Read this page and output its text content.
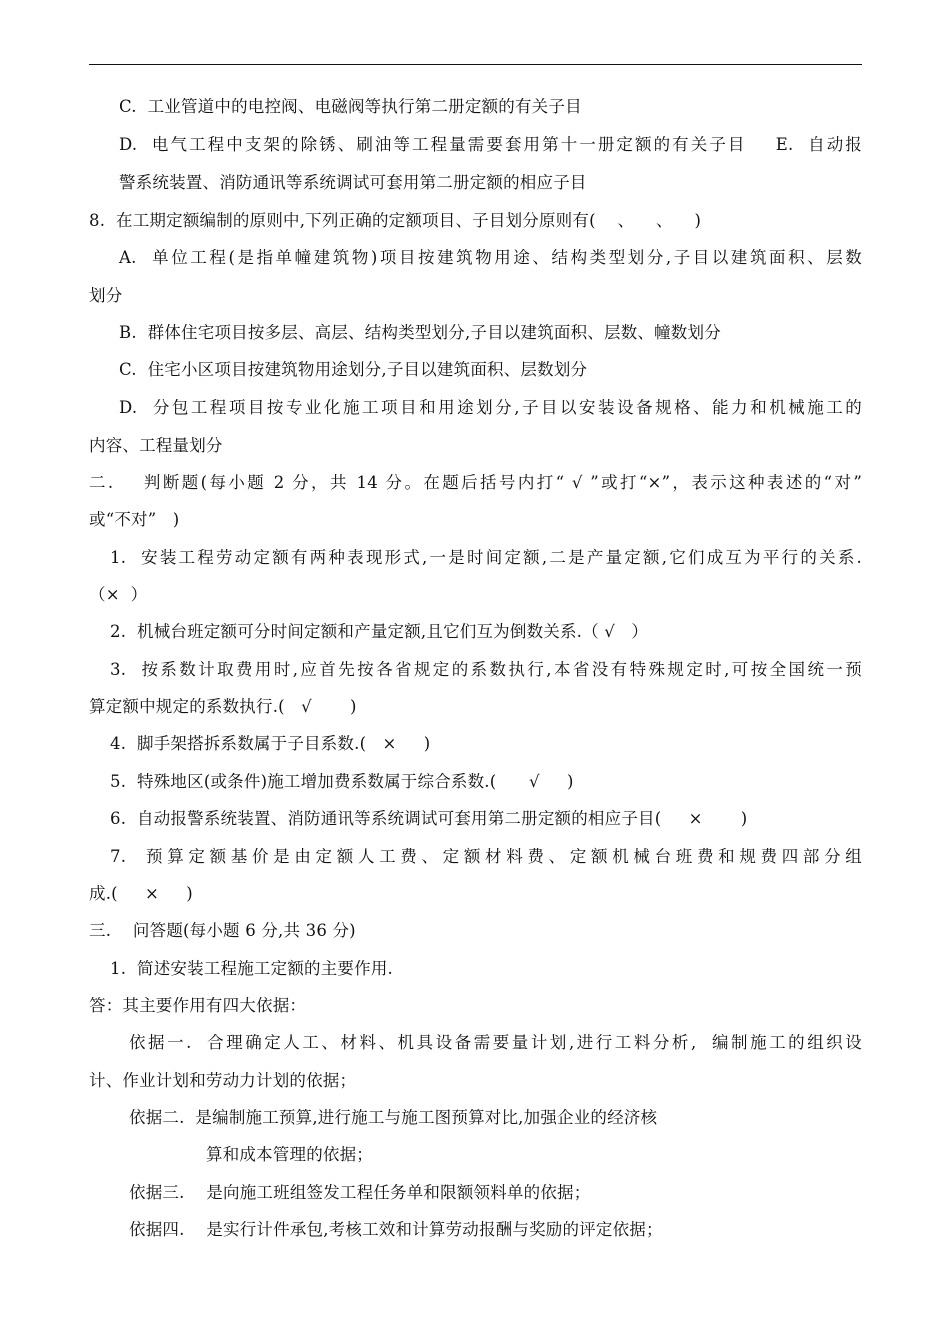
C.  工业管道中的电控阀、电磁阀等执行第二册定额的有关子目
D.  电气工程中支架的除锈、刷油等工程量需要套用第十一册定额的有关子目    E.  自动报
警系统装置、消防通讯等系统调试可套用第二册定额的相应子目
8.  在工期定额编制的原则中,下列正确的定额项目、子目划分原则有(    、    、    )
A.  单位工程(是指单幢建筑物)项目按建筑物用途、结构类型划分,子目以建筑面积、层数
划分
B.  群体住宅项目按多层、高层、结构类型划分,子目以建筑面积、层数、幢数划分
C.  住宅小区项目按建筑物用途划分,子目以建筑面积、层数划分
D.  分包工程项目按专业化施工项目和用途划分,子目以安装设备规格、能力和机械施工的
内容、工程量划分
二.    判断题(每小题 2 分，共 14 分。在题后括号内打“ √ ”或打“×”，表示这种表述的“对”
或“不对”   )
1.  安装工程劳动定额有两种表现形式,一是时间定额,二是产量定额,它们成互为平行的关系.
（×  ）
2.  机械台班定额可分时间定额和产量定额,且它们互为倒数关系.（ √   ）
3.  按系数计取费用时,应首先按各省规定的系数执行,本省没有特殊规定时,可按全国统一预
算定额中规定的系数执行.(   √       )
4.  脚手架搭拆系数属于子目系数.(   ×     )
5.  特殊地区(或条件)施工增加费系数属于综合系数.(      √     )
6.  自动报警系统装置、消防通讯等系统调试可套用第二册定额的相应子目(     ×       )
7.  预算定额基价是由定额人工费、定额材料费、定额机械台班费和规费四部分组
成.(     ×     )
三.    问答题(每小题 6 分,共 36 分)
1.  简述安装工程施工定额的主要作用.
答：其主要作用有四大依据：
依据一.  合理确定人工、材料、机具设备需要量计划,进行工料分析,  编制施工的组织设
计、作业计划和劳动力计划的依据；
依据二.  是编制施工预算,进行施工与施工图预算对比,加强企业的经济核
算和成本管理的依据；
依据三.    是向施工班组签发工程任务单和限额领料单的依据；
依据四.    是实行计件承包,考核工效和计算劳动报酬与奖励的评定依据；
